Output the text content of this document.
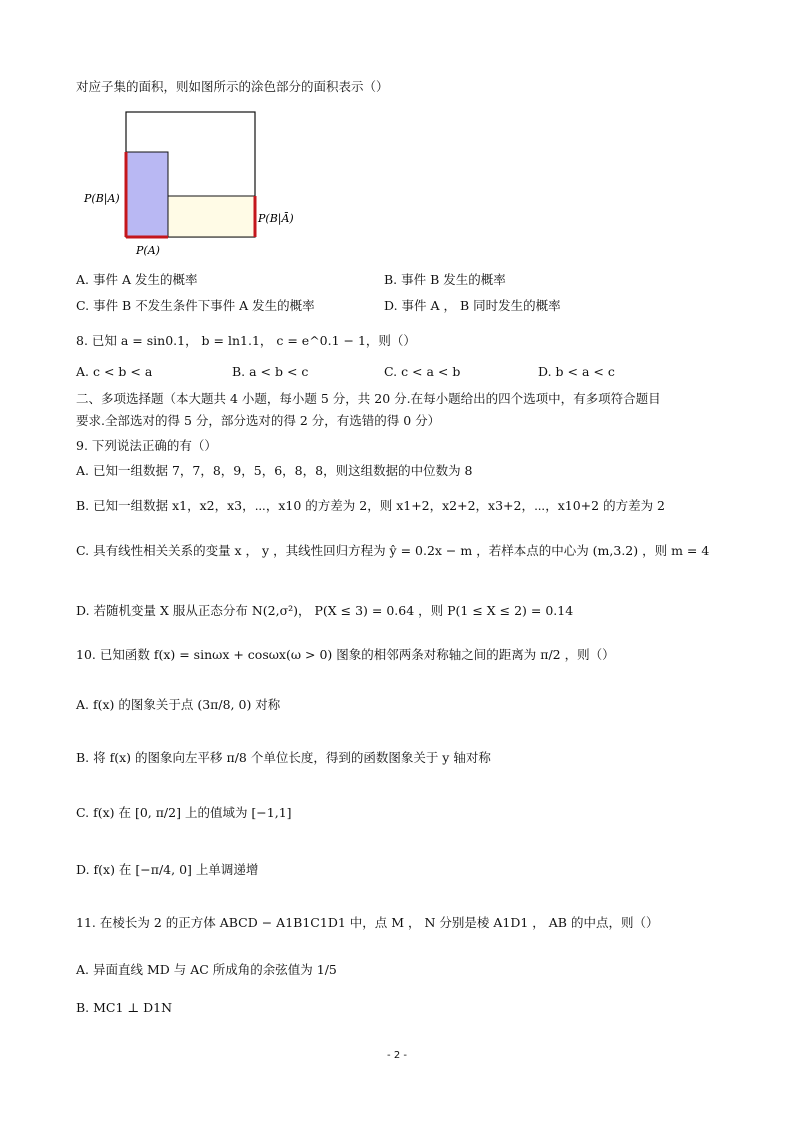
对应子集的面积，则如图所示的涂色部分的面积表示（）
P(B|A)
P(B|Ā)
P(A)
A. 事件 A 发生的概率	B. 事件 B 发生的概率
C. 事件 B 不发生条件下事件 A 发生的概率	D. 事件 A ， B 同时发生的概率
8. 已知 a = sin0.1， b = ln1.1， c = e^0.1 − 1，则（）
A. c < b < a	B. a < b < c	C. c < a < b	D. b < a < c
二、多项选择题（本大题共 4 小题，每小题 5 分，共 20 分.在每小题给出的四个选项中，有多项符合题目
要求.全部选对的得 5 分，部分选对的得 2 分，有选错的得 0 分）
9. 下列说法正确的有（）
A. 已知一组数据 7，7，8，9，5，6，8，8，则这组数据的中位数为 8
B. 已知一组数据 x1，x2，x3，⋯，x10 的方差为 2，则 x1+2，x2+2，x3+2，⋯，x10+2 的方差为 2
C. 具有线性相关关系的变量 x ， y ，其线性回归方程为 ŷ = 0.2x − m ，若样本点的中心为 (m,3.2) ，则 m = 4
D. 若随机变量 X 服从正态分布 N(2,σ²)， P(X ≤ 3) = 0.64 ，则 P(1 ≤ X ≤ 2) = 0.14
10. 已知函数 f(x) = sinωx + cosωx(ω > 0) 图象的相邻两条对称轴之间的距离为 π/2 ，则（）
A. f(x) 的图象关于点 (3π/8, 0) 对称
B. 将 f(x) 的图象向左平移 π/8 个单位长度，得到的函数图象关于 y 轴对称
C. f(x) 在 [0, π/2] 上的值域为 [−1,1]
D. f(x) 在 [−π/4, 0] 上单调递增
11. 在棱长为 2 的正方体 ABCD − A1B1C1D1 中，点 M ， N 分别是棱 A1D1 ， AB 的中点，则（）
A. 异面直线 MD 与 AC 所成角的余弦值为 1/5
B. MC1 ⊥ D1N
- 2 -
